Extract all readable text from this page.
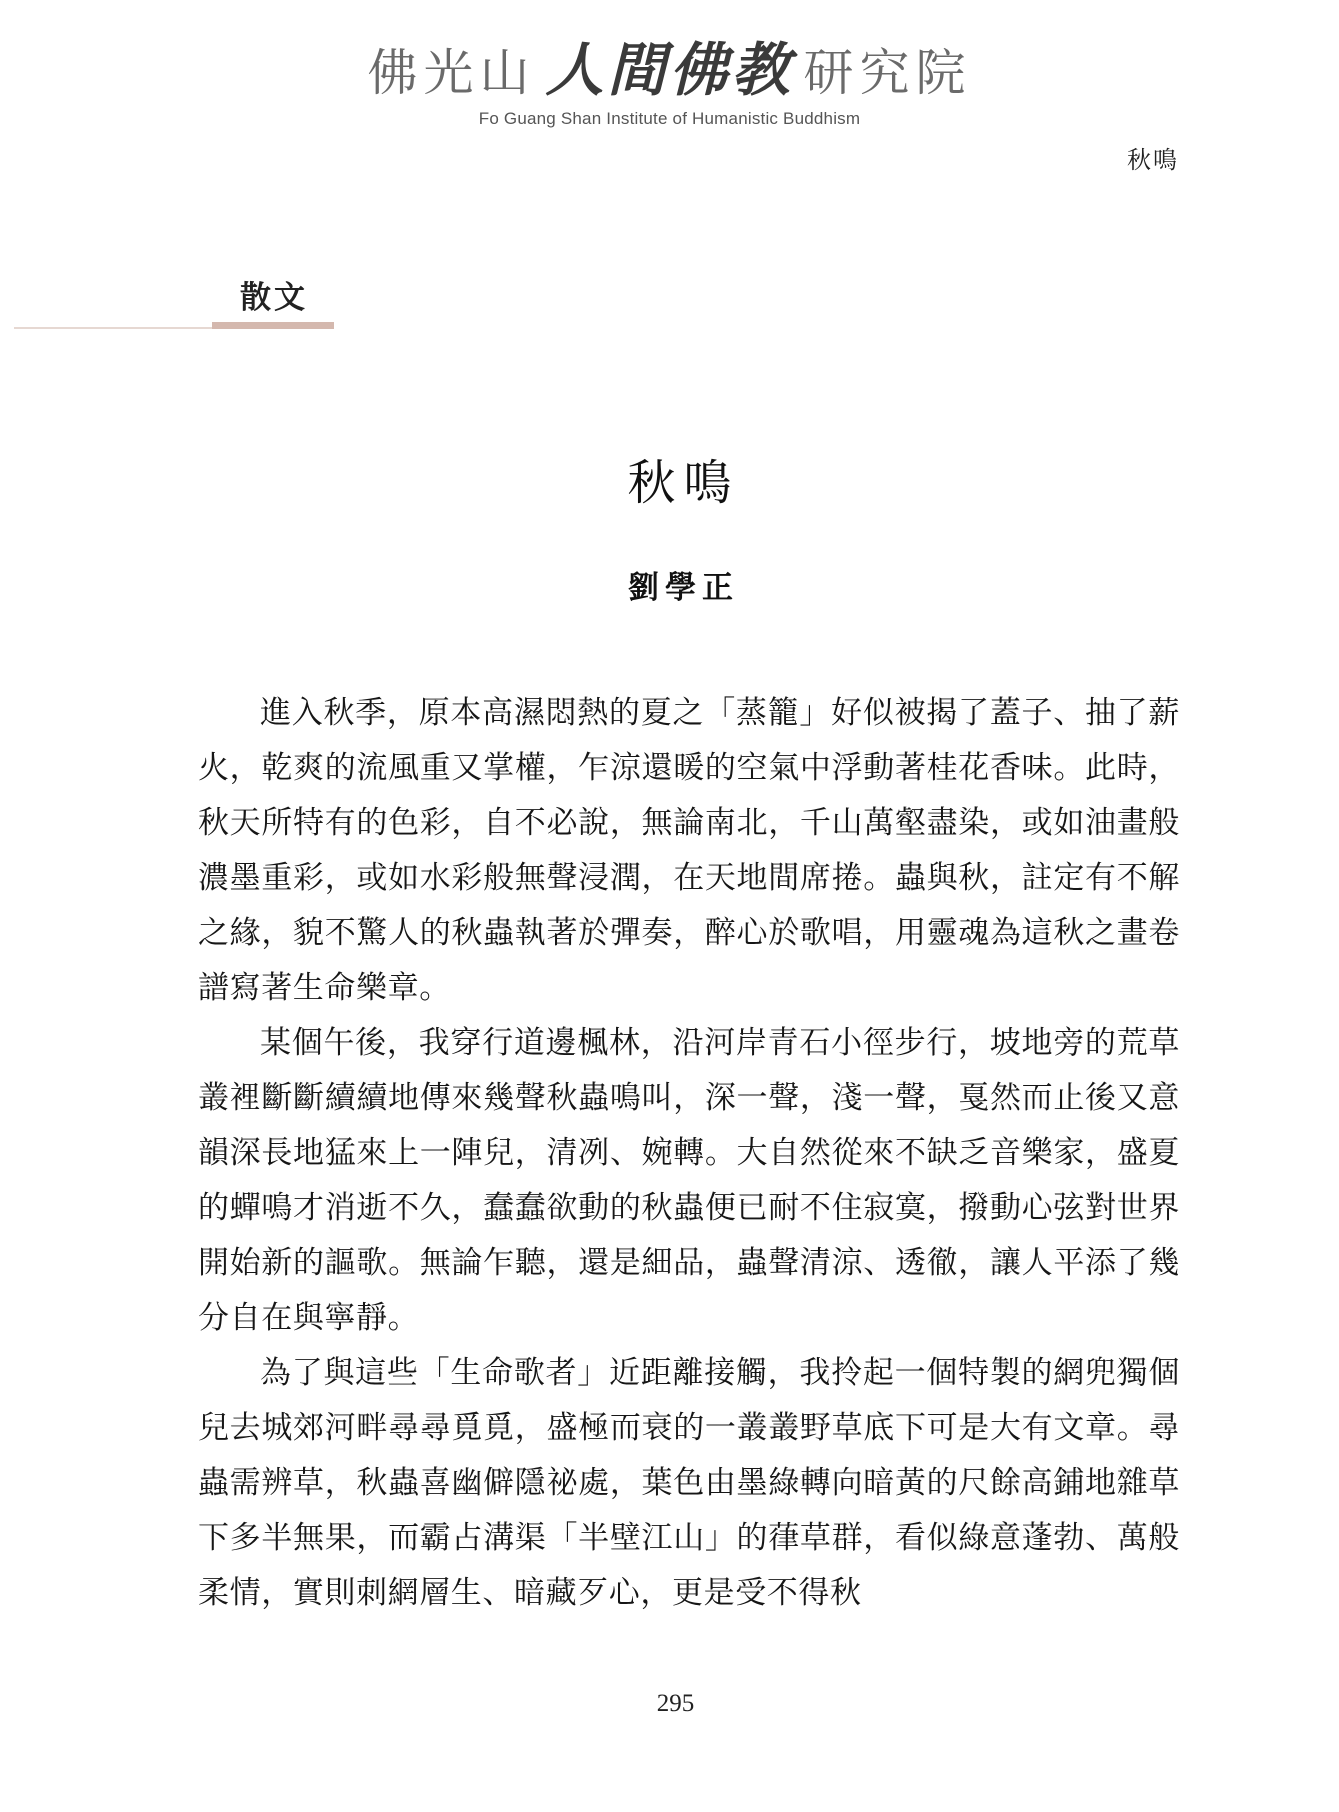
佛光山 人間佛教 研究院
Fo Guang Shan Institute of Humanistic Buddhism
秋鳴
散文
秋鳴
劉學正

進入秋季，原本高濕悶熱的夏之「蒸籠」好似被揭了蓋子、抽了薪火，乾爽的流風重又掌權，乍涼還暖的空氣中浮動著桂花香味。此時，秋天所特有的色彩，自不必說，無論南北，千山萬壑盡染，或如油畫般濃墨重彩，或如水彩般無聲浸潤，在天地間席捲。蟲與秋，註定有不解之緣，貌不驚人的秋蟲執著於彈奏，醉心於歌唱，用靈魂為這秋之畫卷譜寫著生命樂章。

某個午後，我穿行道邊楓林，沿河岸青石小徑步行，坡地旁的荒草叢裡斷斷續續地傳來幾聲秋蟲鳴叫，深一聲，淺一聲，戛然而止後又意韻深長地猛來上一陣兒，清冽、婉轉。大自然從來不缺乏音樂家，盛夏的蟬鳴才消逝不久，蠢蠢欲動的秋蟲便已耐不住寂寞，撥動心弦對世界開始新的謳歌。無論乍聽，還是細品，蟲聲清涼、透徹，讓人平添了幾分自在與寧靜。

為了與這些「生命歌者」近距離接觸，我拎起一個特製的網兜獨個兒去城郊河畔尋尋覓覓，盛極而衰的一叢叢野草底下可是大有文章。尋蟲需辨草，秋蟲喜幽僻隱祕處，葉色由墨綠轉向暗黃的尺餘高鋪地雜草下多半無果，而霸占溝渠「半壁江山」的葎草群，看似綠意蓬勃、萬般柔情，實則刺網層生、暗藏歹心，更是受不得秋

295
